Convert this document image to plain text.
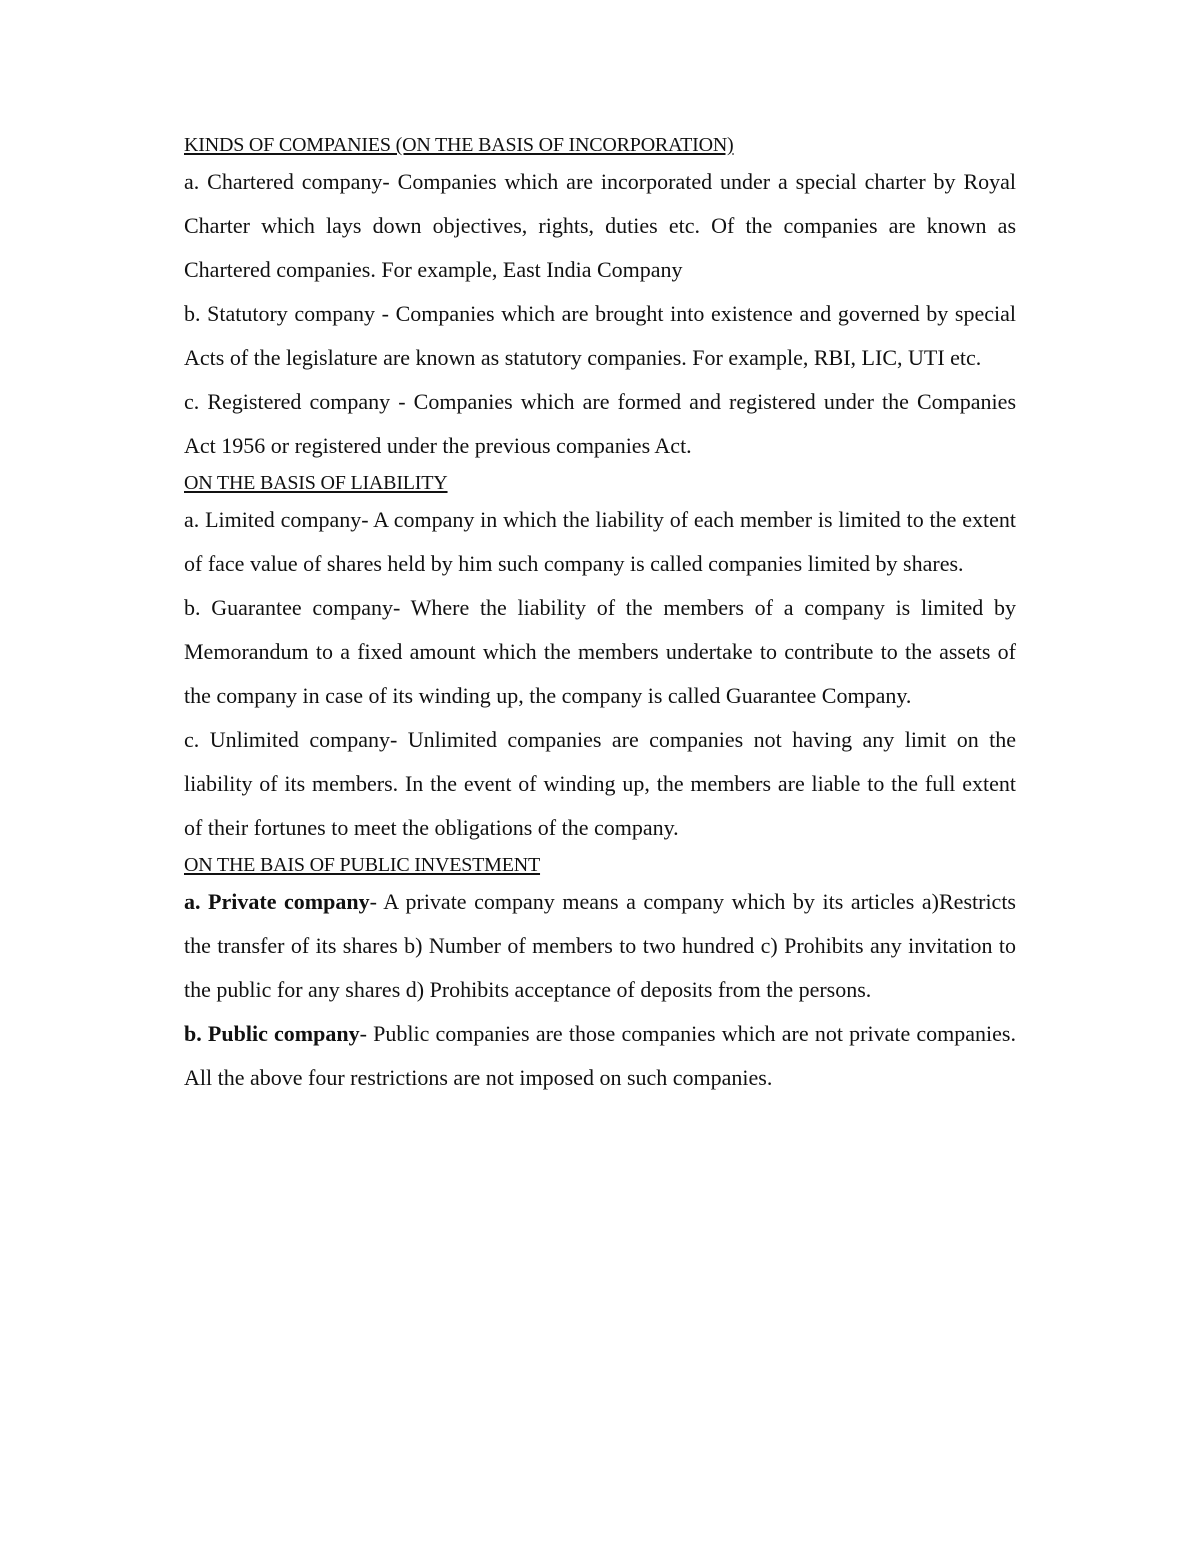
KINDS OF COMPANIES (ON THE BASIS OF INCORPORATION)

a. Chartered company- Companies which are incorporated under a special charter by Royal Charter which lays down objectives, rights, duties etc. Of the companies are known as Chartered companies. For example, East India Company

b. Statutory company - Companies which are brought into existence and governed by special Acts of the legislature are known as statutory companies. For example, RBI, LIC, UTI etc.

c. Registered company - Companies which are formed and registered under the Companies Act 1956 or registered under the previous companies Act.

ON THE BASIS OF LIABILITY

a. Limited company- A company in which the liability of each member is limited to the extent of face value of shares held by him such company is called companies limited by shares.

b. Guarantee company- Where the liability of the members of a company is limited by Memorandum to a fixed amount which the members undertake to contribute to the assets of the company in case of its winding up, the company is called Guarantee Company.

c. Unlimited company- Unlimited companies are companies not having any limit on the liability of its members. In the event of winding up, the members are liable to the full extent of their fortunes to meet the obligations of the company.

ON THE BAIS OF PUBLIC INVESTMENT

a. Private company- A private company means a company which by its articles a)Restricts the transfer of its shares b) Number of members to two hundred c) Prohibits any invitation to the public for any shares d) Prohibits acceptance of deposits from the persons.

b. Public company- Public companies are those companies which are not private companies. All the above four restrictions are not imposed on such companies.
